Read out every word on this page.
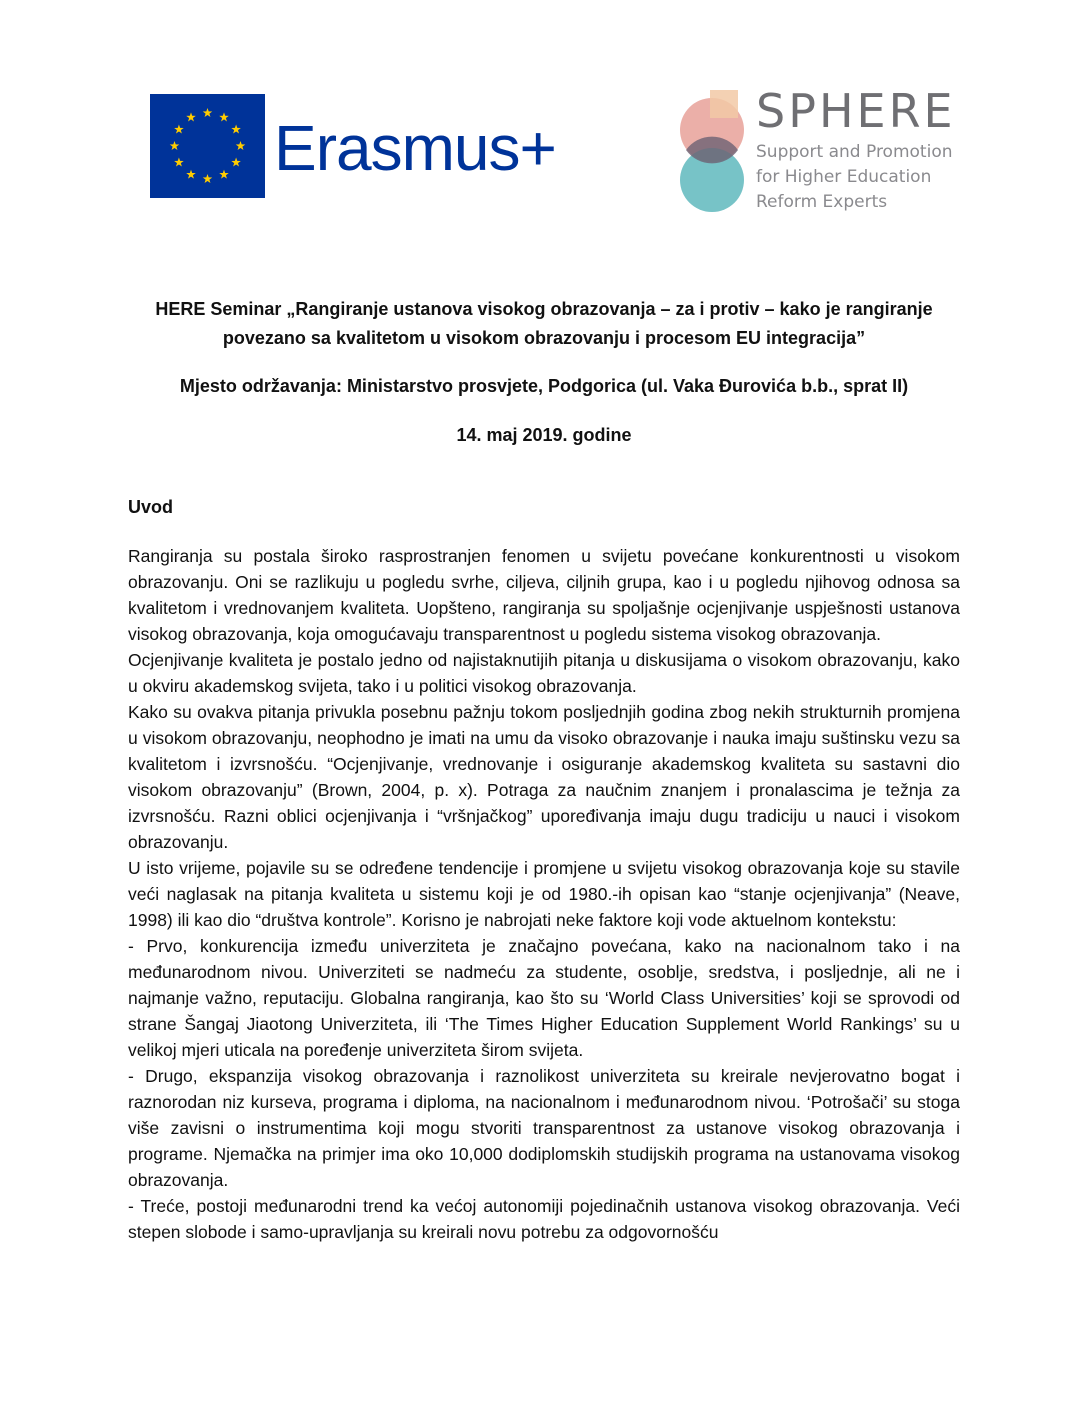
Erasmus+
SPHERE
Support and Promotion
for Higher Education
Reform Experts
HERE Seminar „Rangiranje ustanova visokog obrazovanja – za i protiv – kako je rangiranje povezano sa kvalitetom u visokom obrazovanju i procesom EU integracija”
Mjesto održavanja: Ministarstvo prosvjete, Podgorica (ul. Vaka Đurovića b.b., sprat II)
14. maj 2019. godine
Uvod

Rangiranja su postala široko rasprostranjen fenomen u svijetu povećane konkurentnosti u visokom obrazovanju. Oni se razlikuju u pogledu svrhe, ciljeva, ciljnih grupa, kao i u pogledu njihovog odnosa sa kvalitetom i vrednovanjem kvaliteta. Uopšteno, rangiranja su spoljašnje ocjenjivanje uspješnosti ustanova visokog obrazovanja, koja omogućavaju transparentnost u pogledu sistema visokog obrazovanja.

Ocjenjivanje kvaliteta je postalo jedno od najistaknutijih pitanja u diskusijama o visokom obrazovanju, kako u okviru akademskog svijeta, tako i u politici visokog obrazovanja.

Kako su ovakva pitanja privukla posebnu pažnju tokom posljednjih godina zbog nekih strukturnih promjena u visokom obrazovanju, neophodno je imati na umu da visoko obrazovanje i nauka imaju suštinsku vezu sa kvalitetom i izvrsnošću. “Ocjenjivanje, vrednovanje i osiguranje akademskog kvaliteta su sastavni dio visokom obrazovanju” (Brown, 2004, p. x). Potraga za naučnim znanjem i pronalascima je težnja za izvrsnošću. Razni oblici ocjenjivanja i “vršnjačkog” upoređivanja imaju dugu tradiciju u nauci i visokom obrazovanju.

U isto vrijeme, pojavile su se određene tendencije i promjene u svijetu visokog obrazovanja koje su stavile veći naglasak na pitanja kvaliteta u sistemu koji je od 1980.-ih opisan kao “stanje ocjenjivanja” (Neave, 1998) ili kao dio “društva kontrole”. Korisno je nabrojati neke faktore koji vode aktuelnom kontekstu:

- Prvo, konkurencija između univerziteta je značajno povećana, kako na nacionalnom tako i na međunarodnom nivou. Univerziteti se nadmeću za studente, osoblje, sredstva, i posljednje, ali ne i najmanje važno, reputaciju. Globalna rangiranja, kao što su ‘World Class Universities’ koji se sprovodi od strane Šangaj Jiaotong Univerziteta, ili ‘The Times Higher Education Supplement World Rankings’ su u velikoj mjeri uticala na poređenje univerziteta širom svijeta.

- Drugo, ekspanzija visokog obrazovanja i raznolikost univerziteta su kreirale nevjerovatno bogat i raznorodan niz kurseva, programa i diploma, na nacionalnom i međunarodnom nivou. ‘Potrošači’ su stoga više zavisni o instrumentima koji mogu stvoriti transparentnost za ustanove visokog obrazovanja i programe. Njemačka na primjer ima oko 10,000 dodiplomskih studijskih programa na ustanovama visokog obrazovanja.

- Treće, postoji međunarodni trend ka većoj autonomiji pojedinačnih ustanova visokog obrazovanja. Veći stepen slobode i samo-upravljanja su kreirali novu potrebu za odgovornošću
